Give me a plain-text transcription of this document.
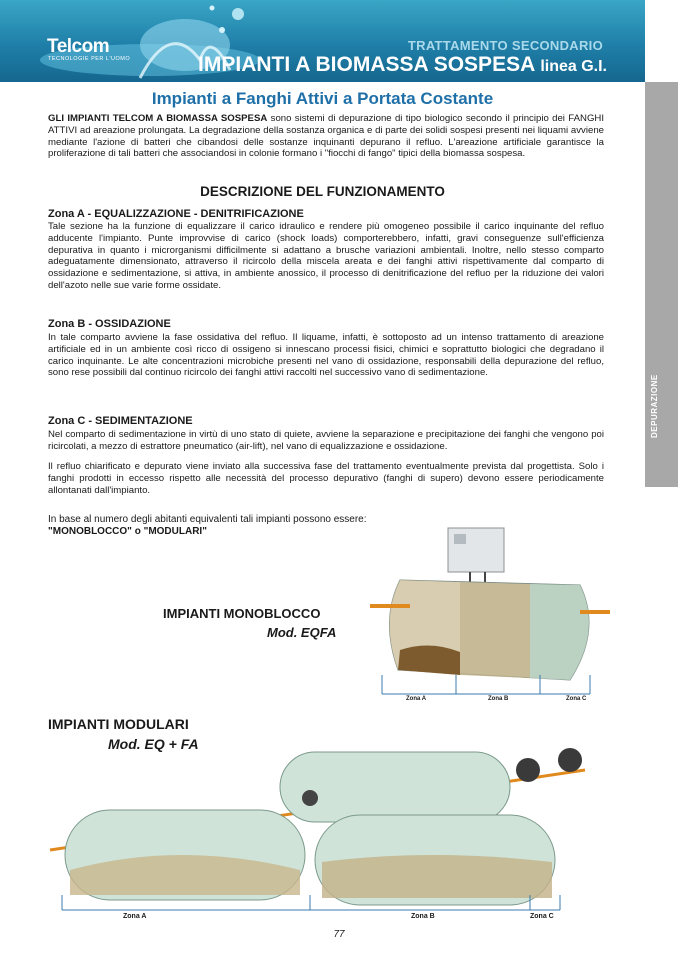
Telcom
TECNOLOGIE PER L'UOMO
TRATTAMENTO SECONDARIO
IMPIANTI A BIOMASSA SOSPESA linea G.I.
DEPURAZIONE
Impianti a Fanghi Attivi a Portata Costante
GLI IMPIANTI TELCOM A BIOMASSA SOSPESA sono sistemi di depurazione di tipo biologico secondo il principio dei FANGHI ATTIVI ad areazione prolungata. La degradazione della sostanza organica e di parte dei solidi sospesi presenti nei liquami avviene mediante l'azione di batteri che cibandosi delle sostanze inquinanti depurano il refluo. L'areazione artificiale garantisce la proliferazione di tali batteri che associandosi in colonie formano i "fiocchi di fango" tipici della biomassa sospesa.
DESCRIZIONE DEL FUNZIONAMENTO
Zona A - EQUALIZZAZIONE - DENITRIFICAZIONE
Tale sezione ha la funzione di equalizzare il carico idraulico e rendere più omogeneo possibile il carico inquinante del refluo adducente l'impianto. Punte improvvise di carico (shock loads) comporterebbero, infatti, gravi conseguenze sull'efficienza depurativa in quanto i microrganismi difficilmente si adattano a brusche variazioni ambientali. Inoltre, nello stesso comparto adeguatamente dimensionato, attraverso il ricircolo della miscela areata e dei fanghi attivi rispettivamente dal comparto di ossidazione e sedimentazione, si attiva, in ambiente anossico, il processo di denitrificazione del refluo per la riduzione dei valori dell'azoto nelle sue varie forme ossidate.
Zona B - OSSIDAZIONE
In tale comparto avviene la fase ossidativa del refluo. Il liquame, infatti, è sottoposto ad un intenso trattamento di areazione artificiale ed in un ambiente così ricco di ossigeno si innescano processi fisici, chimici e soprattutto biologici che degradano il carico inquinante. Le alte concentrazioni microbiche presenti nel vano di ossidazione, responsabili della depurazione del refluo, sono rese possibili dal continuo ricircolo dei fanghi attivi raccolti nel successivo vano di sedimentazione.
Zona C - SEDIMENTAZIONE
Nel comparto di sedimentazione in virtù di uno stato di quiete, avviene la separazione e precipitazione dei fanghi che vengono poi ricircolati, a mezzo di estrattore pneumatico (air-lift), nel vano di equalizzazione e ossidazione.
Il refluo chiarificato e depurato viene inviato alla successiva fase del trattamento eventualmente prevista dal progettista. Solo i fanghi prodotti in eccesso rispetto alle necessità del processo depurativo (fanghi di supero) devono essere periodicamente allontanati dall'impianto.
In base al numero degli abitanti equivalenti tali impianti possono essere:
"MONOBLOCCO" o "MODULARI"
IMPIANTI MONOBLOCCO
Mod. EQFA
Zona A	Zona B	Zona C
IMPIANTI MODULARI
Mod. EQ + FA
Zona A	Zona B	Zona C
77
